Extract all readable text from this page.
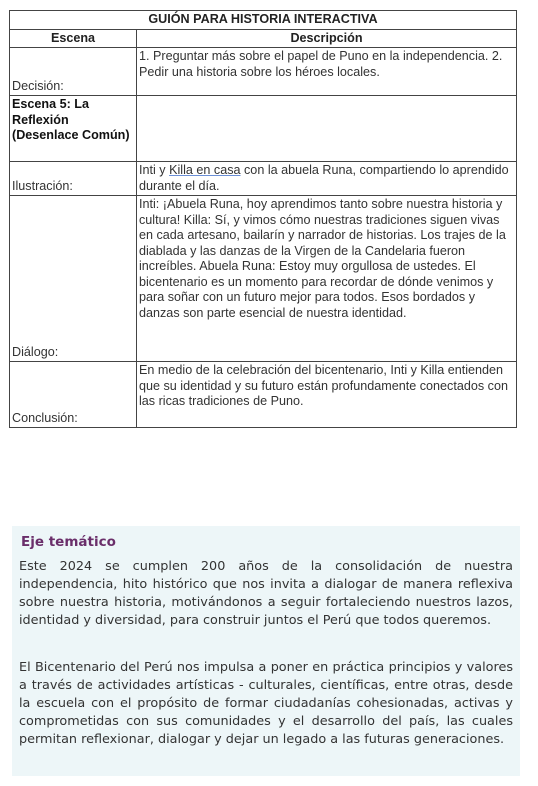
GUIÓN PARA HISTORIA INTERACTIVA	
Escena	Descripción
Decisión:	1. Preguntar más sobre el papel de Puno en la independencia. 2. Pedir una historia sobre los héroes locales.
Escena 5: La Reflexión (Desenlace Común)	
Ilustración:	Inti y Killa en casa con la abuela Runa, compartiendo lo aprendido durante el día.
Diálogo:	Inti: ¡Abuela Runa, hoy aprendimos tanto sobre nuestra historia y cultura! Killa: Sí, y vimos cómo nuestras tradiciones siguen vivas en cada artesano, bailarín y narrador de historias. Los trajes de la diablada y las danzas de la Virgen de la Candelaria fueron increíbles. Abuela Runa: Estoy muy orgullosa de ustedes. El bicentenario es un momento para recordar de dónde venimos y para soñar con un futuro mejor para todos. Esos bordados y danzas son parte esencial de nuestra identidad.
Conclusión:	En medio de la celebración del bicentenario, Inti y Killa entienden que su identidad y su futuro están profundamente conectados con las ricas tradiciones de Puno.
Eje temático

Este 2024 se cumplen 200 años de la consolidación de nuestra independencia, hito histórico que nos invita a dialogar de manera reflexiva sobre nuestra historia, motivándonos a seguir fortaleciendo nuestros lazos, identidad y diversidad, para construir juntos el Perú que todos queremos.

El Bicentenario del Perú nos impulsa a poner en práctica principios y valores a través de actividades artísticas - culturales, científicas, entre otras, desde la escuela con el propósito de formar ciudadanías cohesionadas, activas y comprometidas con sus comunidades y el desarrollo del país, las cuales permitan reflexionar, dialogar y dejar un legado a las futuras generaciones.
